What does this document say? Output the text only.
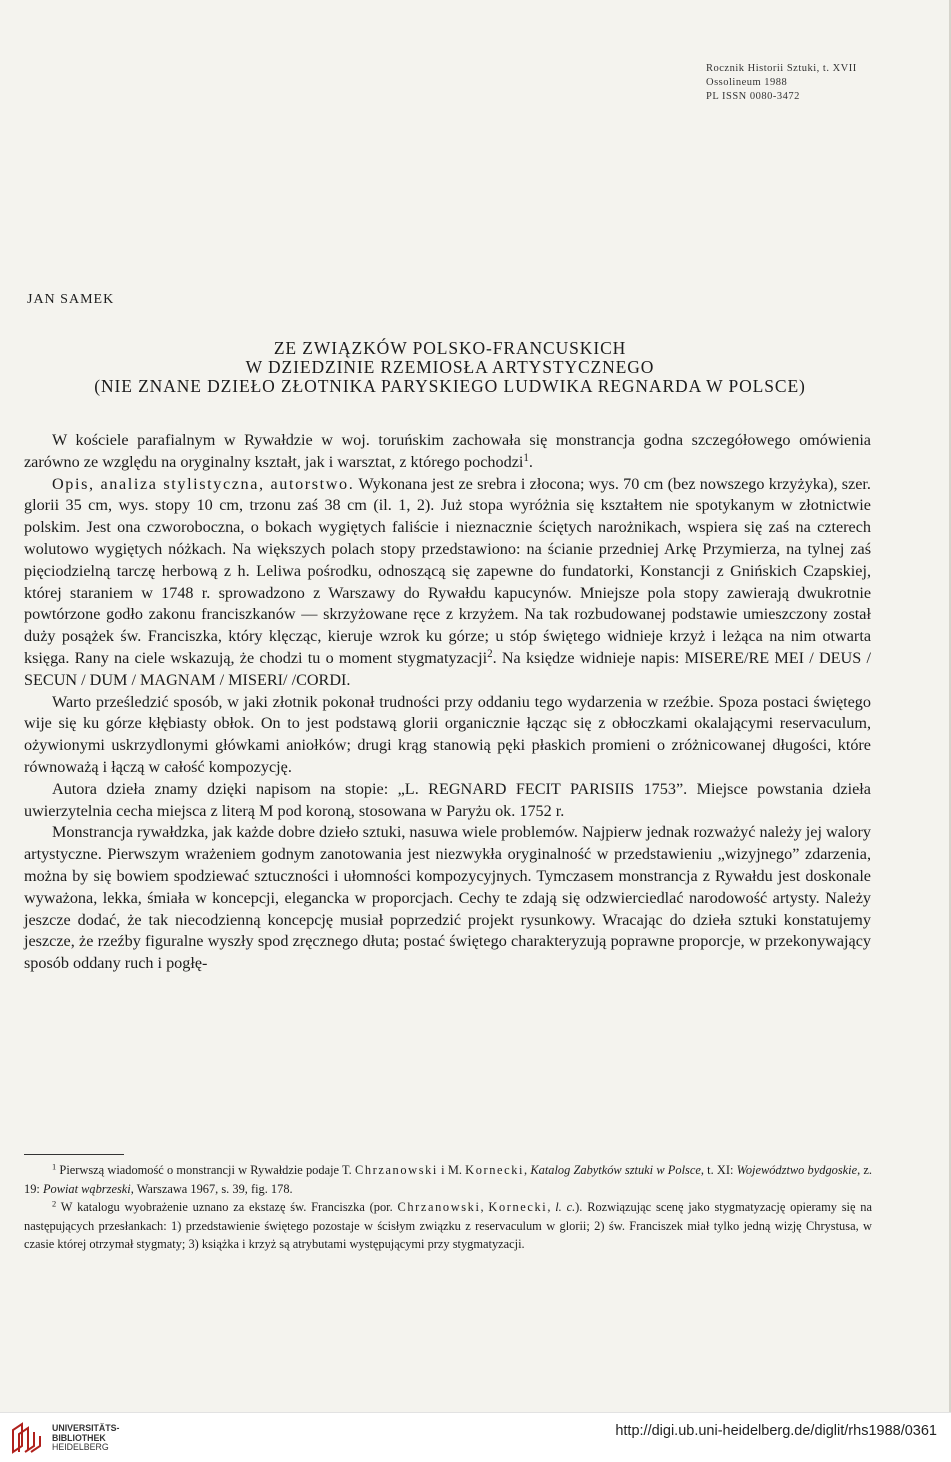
Rocznik Historii Sztuki, t. XVII
Ossolineum 1988
PL ISSN 0080-3472
JAN SAMEK
ZE ZWIĄZKÓW POLSKO-FRANCUSKICH
W DZIEDZINIE RZEMIOSŁA ARTYSTYCZNEGO
(NIE ZNANE DZIEŁO ZŁOTNIKA PARYSKIEGO LUDWIKA REGNARDA W POLSCE)

W kościele parafialnym w Rywałdzie w woj. toruńskim zachowała się monstrancja godna szczegółowego omówienia zarówno ze względu na oryginalny kształt, jak i warsztat, z którego pochodzi$^1$.

Opis, analiza stylistyczna, autorstwo. Wykonana jest ze srebra i złocona; wys. 70 cm (bez nowszego krzyżyka), szer. glorii 35 cm, wys. stopy 10 cm, trzonu zaś 38 cm (il. 1, 2). Już stopa wyróżnia się kształtem nie spotykanym w złotnictwie polskim. Jest ona czworoboczna, o bokach wygiętych faliście i nieznacznie ściętych narożnikach, wspiera się zaś na czterech wolutowo wygiętych nóżkach. Na większych polach stopy przedstawiono: na ścianie przedniej Arkę Przymierza, na tylnej zaś pięciodzielną tarczę herbową z h. Leliwa pośrodku, odnoszącą się zapewne do fundatorki, Konstancji z Gnińskich Czapskiej, której staraniem w 1748 r. sprowadzono z Warszawy do Rywałdu kapucynów. Mniejsze pola stopy zawierają dwukrotnie powtórzone godło zakonu franciszkanów — skrzyżowane ręce z krzyżem. Na tak rozbudowanej podstawie umieszczony został duży posążek św. Franciszka, który klęcząc, kieruje wzrok ku górze; u stóp świętego widnieje krzyż i leżąca na nim otwarta księga. Rany na ciele wskazują, że chodzi tu o moment stygmatyzacji$^2$. Na księdze widnieje napis: MISERE/RE MEI / DEUS / SECUN / DUM / MAGNAM / MISERI/ /CORDI.

Warto prześledzić sposób, w jaki złotnik pokonał trudności przy oddaniu tego wydarzenia w rzeźbie. Spoza postaci świętego wije się ku górze kłębiasty obłok. On to jest podstawą glorii organicznie łącząc się z obłoczkami okalającymi reservaculum, ożywionymi uskrzydlonymi główkami aniołków; drugi krąg stanowią pęki płaskich promieni o zróżnicowanej długości, które równoważą i łączą w całość kompozycję.

Autora dzieła znamy dzięki napisom na stopie: „L. REGNARD FECIT PARISIIS 1753”. Miejsce powstania dzieła uwierzytelnia cecha miejsca z literą M pod koroną, stosowana w Paryżu ok. 1752 r.

Monstrancja rywałdzka, jak każde dobre dzieło sztuki, nasuwa wiele problemów. Najpierw jednak rozważyć należy jej walory artystyczne. Pierwszym wrażeniem godnym zanotowania jest niezwykła oryginalność w przedstawieniu „wizyjnego” zdarzenia, można by się bowiem spodziewać sztuczności i ułomności kompozycyjnych. Tymczasem monstrancja z Rywałdu jest doskonale wyważona, lekka, śmiała w koncepcji, elegancka w proporcjach. Cechy te zdają się odzwierciedlać narodowość artysty. Należy jeszcze dodać, że tak niecodzienną koncepcję musiał poprzedzić projekt rysunkowy. Wracając do dzieła sztuki konstatujemy jeszcze, że rzeźby figuralne wyszły spod zręcznego dłuta; postać świętego charakteryzują poprawne proporcje, w przekonywający sposób oddany ruch i pogłę-

$^1$ Pierwszą wiadomość o monstrancji w Rywałdzie podaje T. Chrzanowski i M. Kornecki, Katalog Zabytków sztuki w Polsce, t. XI: Województwo bydgoskie, z. 19: Powiat wąbrzeski, Warszawa 1967, s. 39, fig. 178.

$^2$ W katalogu wyobrażenie uznano za ekstazę św. Franciszka (por. Chrzanowski, Kornecki, l. c.). Rozwiązując scenę jako stygmatyzację opieramy się na następujących przesłankach: 1) przedstawienie świętego pozostaje w ścisłym związku z reservaculum w glorii; 2) św. Franciszek miał tylko jedną wizję Chrystusa, w czasie której otrzymał stygmaty; 3) książka i krzyż są atrybutami występującymi przy stygmatyzacji.

UNIVERSITÄTS-
BIBLIOTHEK
HEIDELBERG
http://digi.ub.uni-heidelberg.de/diglit/rhs1988/0361
